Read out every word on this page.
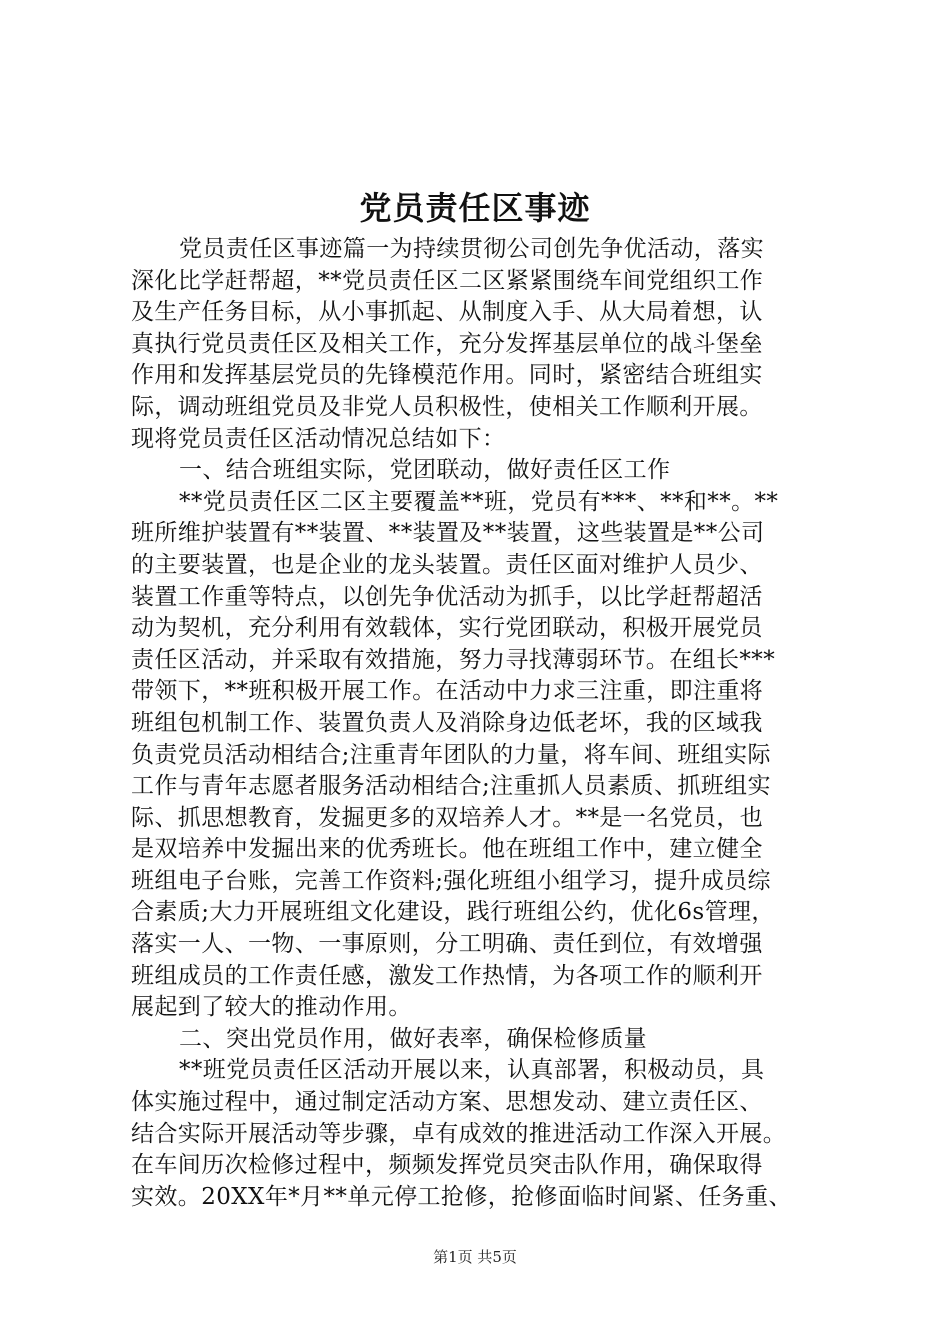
党员责任区事迹
党员责任区事迹篇一为持续贯彻公司创先争优活动，落实
深化比学赶帮超，**党员责任区二区紧紧围绕车间党组织工作
及生产任务目标，从小事抓起、从制度入手、从大局着想，认
真执行党员责任区及相关工作，充分发挥基层单位的战斗堡垒
作用和发挥基层党员的先锋模范作用。同时，紧密结合班组实
际，调动班组党员及非党人员积极性，使相关工作顺利开展。
现将党员责任区活动情况总结如下：
一、结合班组实际，党团联动，做好责任区工作
**党员责任区二区主要覆盖**班，党员有***、**和**。**
班所维护装置有**装置、**装置及**装置，这些装置是**公司
的主要装置，也是企业的龙头装置。责任区面对维护人员少、
装置工作重等特点，以创先争优活动为抓手，以比学赶帮超活
动为契机，充分利用有效载体，实行党团联动，积极开展党员
责任区活动，并采取有效措施，努力寻找薄弱环节。在组长***
带领下，**班积极开展工作。在活动中力求三注重，即注重将
班组包机制工作、装置负责人及消除身边低老坏，我的区域我
负责党员活动相结合;注重青年团队的力量，将车间、班组实际
工作与青年志愿者服务活动相结合;注重抓人员素质、抓班组实
际、抓思想教育，发掘更多的双培养人才。**是一名党员，也
是双培养中发掘出来的优秀班长。他在班组工作中，建立健全
班组电子台账，完善工作资料;强化班组小组学习，提升成员综
合素质;大力开展班组文化建设，践行班组公约，优化6s管理，
落实一人、一物、一事原则，分工明确、责任到位，有效增强
班组成员的工作责任感，激发工作热情，为各项工作的顺利开
展起到了较大的推动作用。
二、突出党员作用，做好表率，确保检修质量
**班党员责任区活动开展以来，认真部署，积极动员，具
体实施过程中，通过制定活动方案、思想发动、建立责任区、
结合实际开展活动等步骤，卓有成效的推进活动工作深入开展。
在车间历次检修过程中，频频发挥党员突击队作用，确保取得
实效。20XX年*月**单元停工抢修，抢修面临时间紧、任务重、
第1页 共5页
